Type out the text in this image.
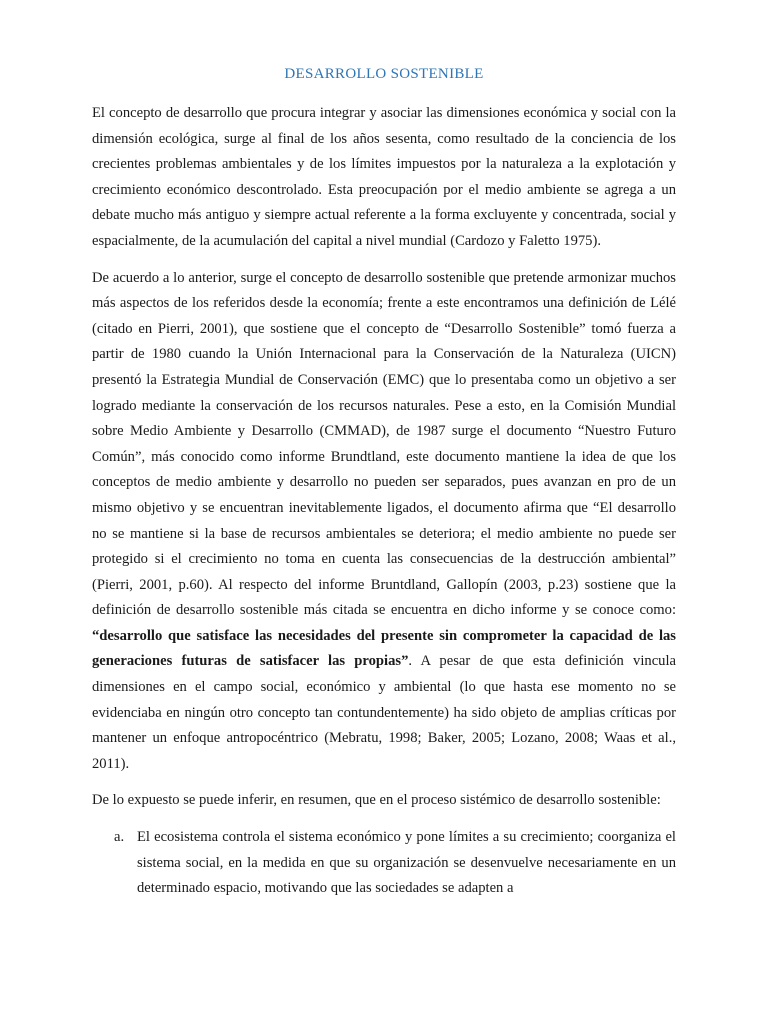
DESARROLLO SOSTENIBLE

El concepto de desarrollo que procura integrar y asociar las dimensiones económica y social con la dimensión ecológica, surge al final de los años sesenta, como resultado de la conciencia de los crecientes problemas ambientales y de los límites impuestos por la naturaleza a la explotación y crecimiento económico descontrolado. Esta preocupación por el medio ambiente se agrega a un debate mucho más antiguo y siempre actual referente a la forma excluyente y concentrada, social y espacialmente, de la acumulación del capital a nivel mundial (Cardozo y Faletto 1975).

De acuerdo a lo anterior, surge el concepto de desarrollo sostenible que pretende armonizar muchos más aspectos de los referidos desde la economía; frente a este encontramos una definición de Lélé (citado en Pierri, 2001), que sostiene que el concepto de “Desarrollo Sostenible” tomó fuerza a partir de 1980 cuando la Unión Internacional para la Conservación de la Naturaleza (UICN) presentó la Estrategia Mundial de Conservación (EMC) que lo presentaba como un objetivo a ser logrado mediante la conservación de los recursos naturales. Pese a esto, en la Comisión Mundial sobre Medio Ambiente y Desarrollo (CMMAD), de 1987 surge el documento “Nuestro Futuro Común”, más conocido como informe Brundtland, este documento mantiene la idea de que los conceptos de medio ambiente y desarrollo no pueden ser separados, pues avanzan en pro de un mismo objetivo y se encuentran inevitablemente ligados, el documento afirma que “El desarrollo no se mantiene si la base de recursos ambientales se deteriora; el medio ambiente no puede ser protegido si el crecimiento no toma en cuenta las consecuencias de la destrucción ambiental” (Pierri, 2001, p.60). Al respecto del informe Bruntdland, Gallopín (2003, p.23) sostiene que la definición de desarrollo sostenible más citada se encuentra en dicho informe y se conoce como: “desarrollo que satisface las necesidades del presente sin comprometer la capacidad de las generaciones futuras de satisfacer las propias”. A pesar de que esta definición vincula dimensiones en el campo social, económico y ambiental (lo que hasta ese momento no se evidenciaba en ningún otro concepto tan contundentemente) ha sido objeto de amplias críticas por mantener un enfoque antropocéntrico (Mebratu, 1998; Baker, 2005; Lozano, 2008; Waas et al., 2011).

De lo expuesto se puede inferir, en resumen, que en el proceso sistémico de desarrollo sostenible:

a. El ecosistema controla el sistema económico y pone límites a su crecimiento; coorganiza el sistema social, en la medida en que su organización se desenvuelve necesariamente en un determinado espacio, motivando que las sociedades se adapten a
